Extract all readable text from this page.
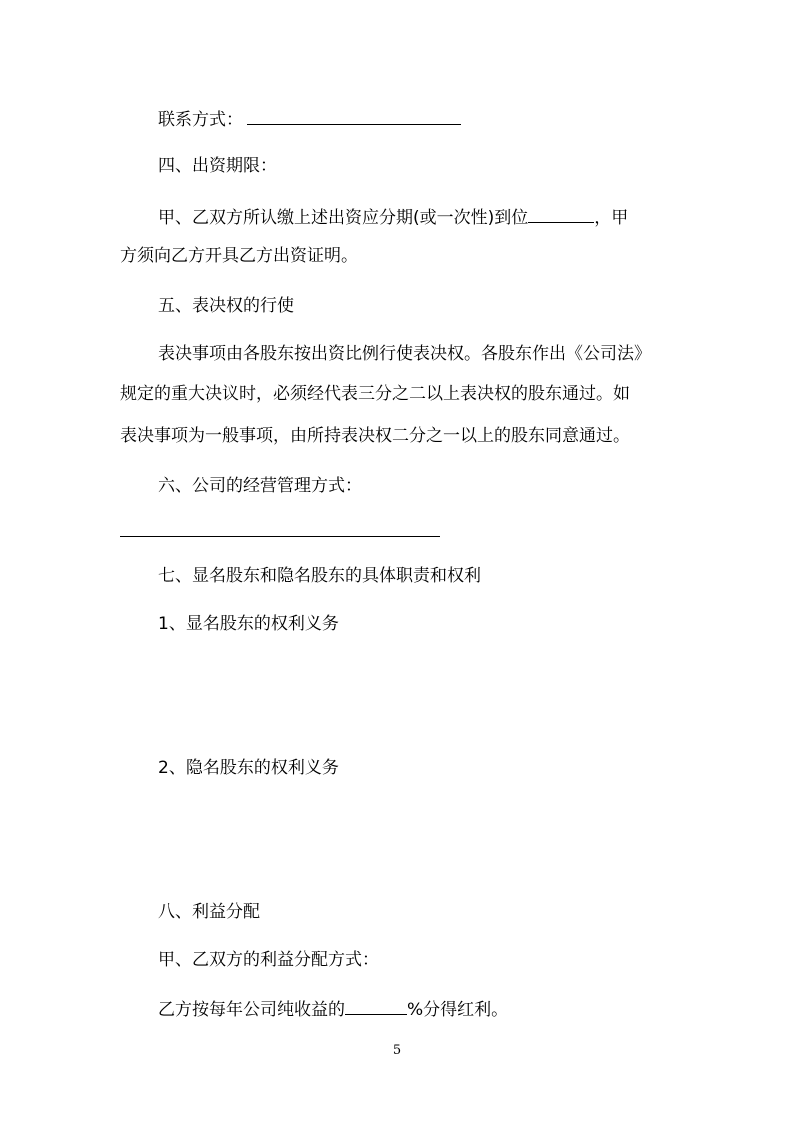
联系方式：
四、出资期限：
甲、乙双方所认缴上述出资应分期(或一次性)到位	，甲
方须向乙方开具乙方出资证明。
五、表决权的行使
表决事项由各股东按出资比例行使表决权。各股东作出《公司法》
规定的重大决议时，必须经代表三分之二以上表决权的股东通过。如
表决事项为一般事项，由所持表决权二分之一以上的股东同意通过。
六、公司的经营管理方式：
七、显名股东和隐名股东的具体职责和权利
1、显名股东的权利义务
2、隐名股东的权利义务
八、利益分配
甲、乙双方的利益分配方式：
乙方按每年公司纯收益的	%分得红利。
5
